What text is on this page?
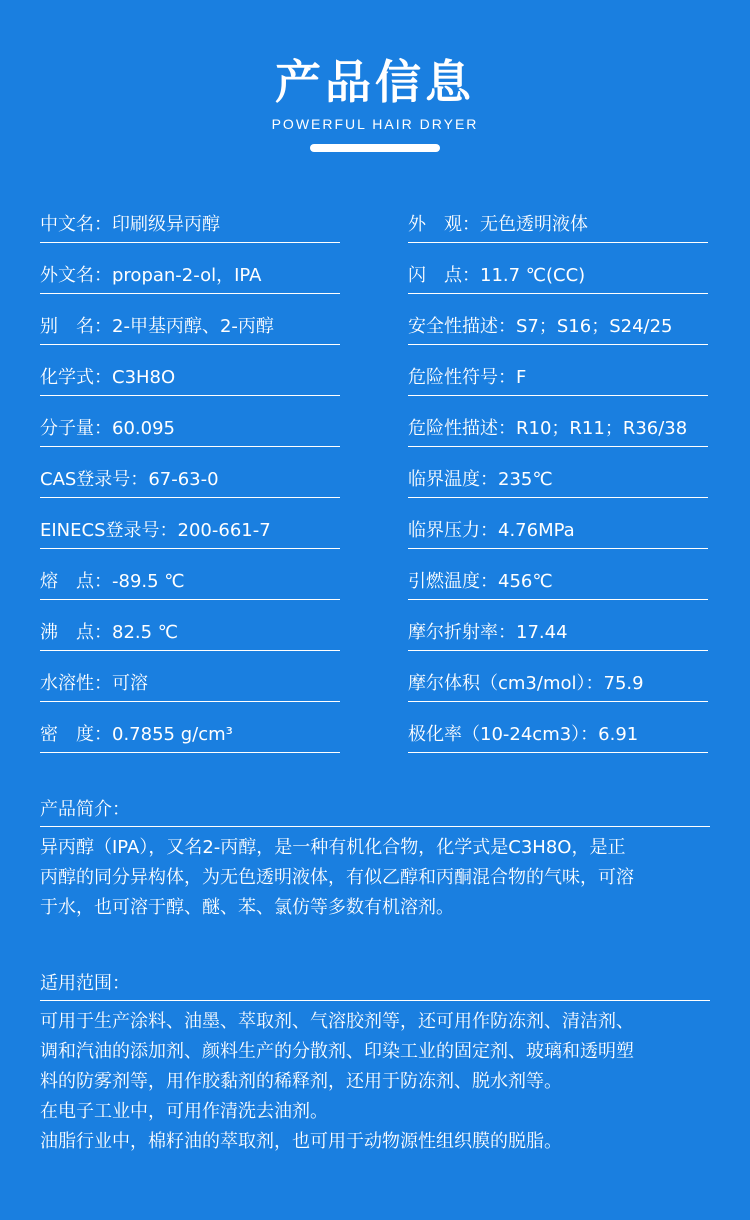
产品信息
POWERFUL HAIR DRYER
中文名：印刷级异丙醇
外文名：propan-2-ol，IPA
别　名：2-甲基丙醇、2-丙醇
化学式：C3H8O
分子量：60.095
CAS登录号：67-63-0
EINECS登录号：200-661-7
熔　点：-89.5 ℃
沸　点：82.5 ℃
水溶性：可溶
密　度：0.7855 g/cm³
外　观：无色透明液体
闪　点：11.7 ℃(CC)
安全性描述：S7；S16；S24/25
危险性符号：F
危险性描述：R10；R11；R36/38
临界温度：235℃
临界压力：4.76MPa
引燃温度：456℃
摩尔折射率：17.44
摩尔体积（cm3/mol）：75.9
极化率（10-24cm3）：6.91
产品简介：

异丙醇（IPA），又名2-丙醇，是一种有机化合物，化学式是C3H8O，是正

丙醇的同分异构体，为无色透明液体，有似乙醇和丙酮混合物的气味，可溶

于水，也可溶于醇、醚、苯、氯仿等多数有机溶剂。

适用范围：

可用于生产涂料、油墨、萃取剂、气溶胶剂等，还可用作防冻剂、清洁剂、

调和汽油的添加剂、颜料生产的分散剂、印染工业的固定剂、玻璃和透明塑

料的防雾剂等，用作胶黏剂的稀释剂，还用于防冻剂、脱水剂等。

在电子工业中，可用作清洗去油剂。

油脂行业中，棉籽油的萃取剂，也可用于动物源性组织膜的脱脂。
